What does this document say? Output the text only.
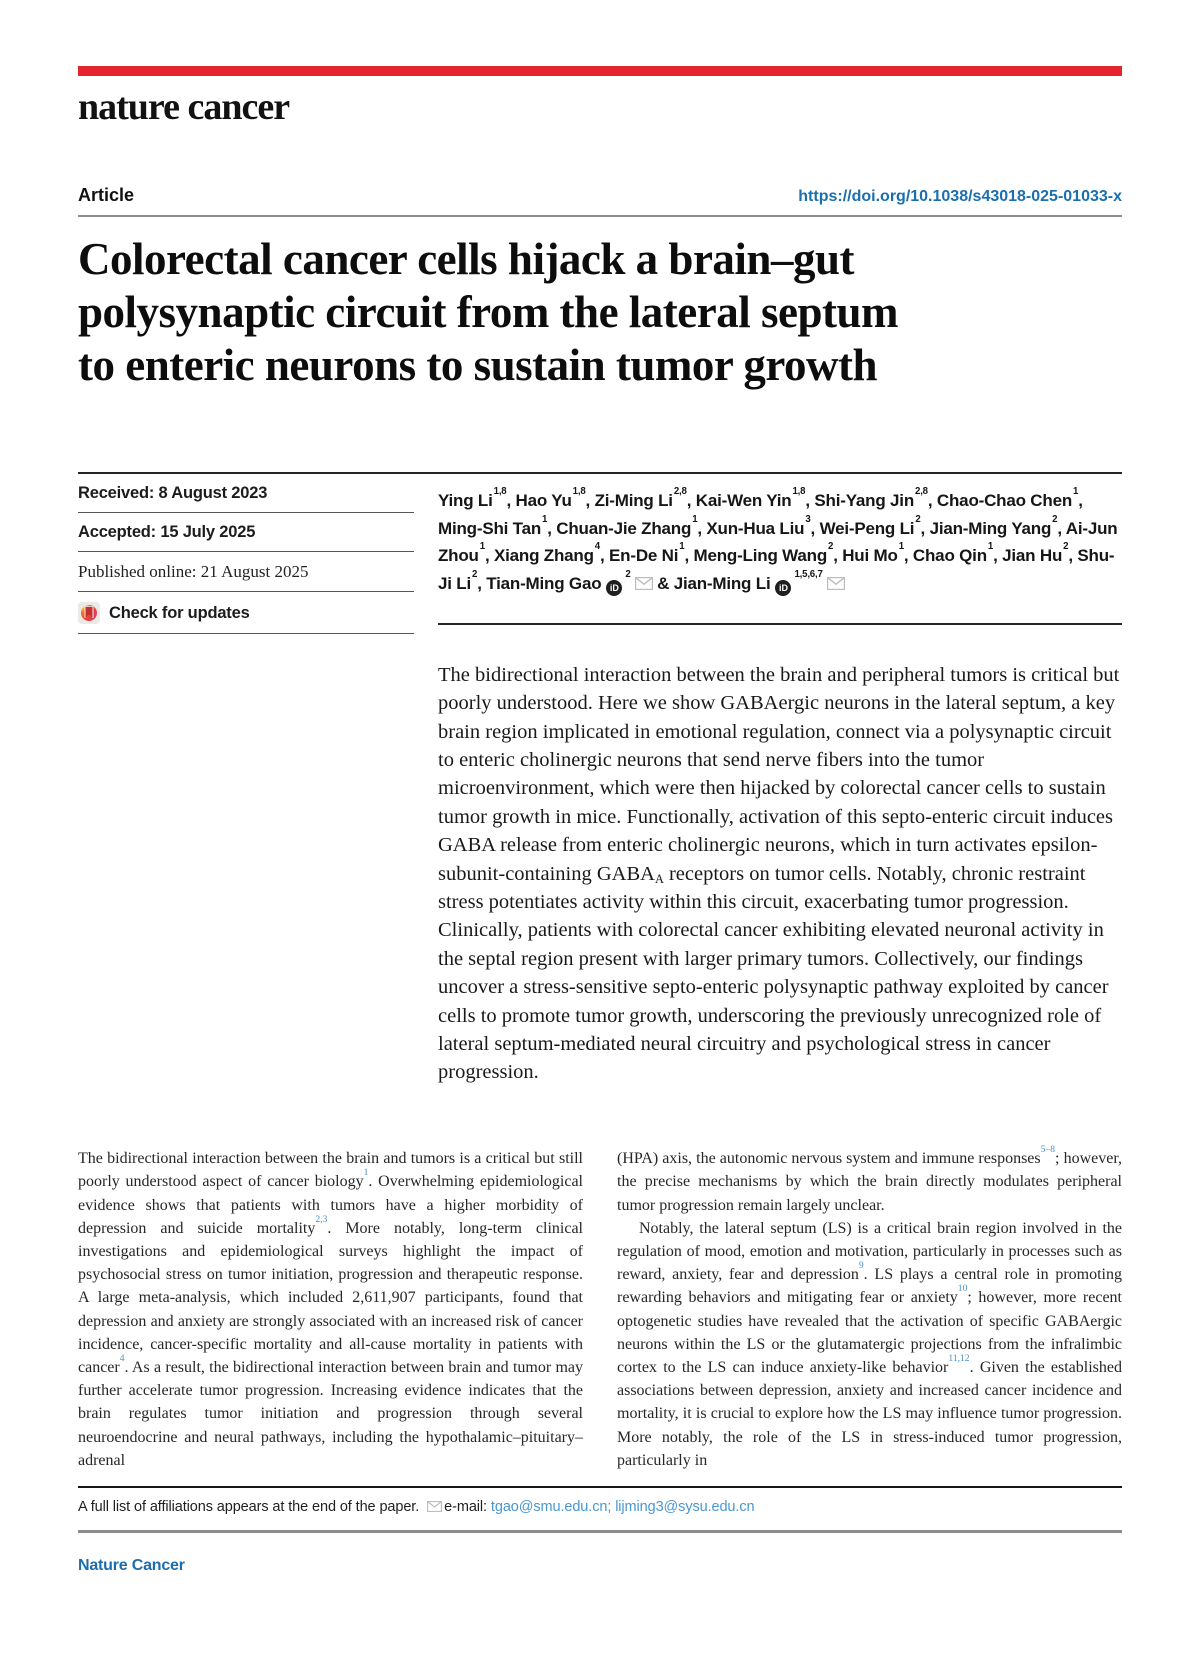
nature cancer
Article	https://doi.org/10.1038/s43018-025-01033-x
Colorectal cancer cells hijack a brain–gut
polysynaptic circuit from the lateral septum
to enteric neurons to sustain tumor growth
Received: 8 August 2023
Accepted: 15 July 2025
Published online: 21 August 2025
Check for updates

Ying Li$^{1,8}$, Hao Yu$^{1,8}$, Zi-Ming Li$^{2,8}$, Kai-Wen Yin$^{1,8}$, Shi-Yang Jin$^{2,8}$, Chao-Chao Chen$^1$, Ming-Shi Tan$^1$, Chuan-Jie Zhang$^1$, Xun-Hua Liu$^3$, Wei-Peng Li$^2$, Jian-Ming Yang$^2$, Ai-Jun Zhou$^1$, Xiang Zhang$^4$, En-De Ni$^1$, Meng-Ling Wang$^2$, Hui Mo$^1$, Chao Qin$^1$, Jian Hu$^2$, Shu-Ji Li$^2$, Tian-Ming Gao $iD^2$ & Jian-Ming Li iD$^{1,5,6,7}$

The bidirectional interaction between the brain and peripheral tumors is critical but poorly understood. Here we show GABAergic neurons in the lateral septum, a key brain region implicated in emotional regulation, connect via a polysynaptic circuit to enteric cholinergic neurons that send nerve fibers into the tumor microenvironment, which were then hijacked by colorectal cancer cells to sustain tumor growth in mice. Functionally, activation of this septo-enteric circuit induces GABA release from enteric cholinergic neurons, which in turn activates epsilon-subunit-containing GABAA receptors on tumor cells. Notably, chronic restraint stress potentiates activity within this circuit, exacerbating tumor progression. Clinically, patients with colorectal cancer exhibiting elevated neuronal activity in the septal region present with larger primary tumors. Collectively, our findings uncover a stress-sensitive septo-enteric polysynaptic pathway exploited by cancer cells to promote tumor growth, underscoring the previously unrecognized role of lateral septum-mediated neural circuitry and psychological stress in cancer progression.

The bidirectional interaction between the brain and tumors is a critical but still poorly understood aspect of cancer biology$^1$. Overwhelming epidemiological evidence shows that patients with tumors have a higher morbidity of depression and suicide mortality$^{2,3}$. More notably, long-term clinical investigations and epidemiological surveys highlight the impact of psychosocial stress on tumor initiation, progression and therapeutic response. A large meta-analysis, which included 2,611,907 participants, found that depression and anxiety are strongly associated with an increased risk of cancer incidence, cancer-specific mortality and all-cause mortality in patients with cancer$^4$. As a result, the bidirectional interaction between brain and tumor may further accelerate tumor progression. Increasing evidence indicates that the brain regulates tumor initiation and progression through several neuroendocrine and neural pathways, including the hypothalamic–pituitary–adrenal

(HPA) axis, the autonomic nervous system and immune responses$^{5-8}$; however, the precise mechanisms by which the brain directly modulates peripheral tumor progression remain largely unclear.

Notably, the lateral septum (LS) is a critical brain region involved in the regulation of mood, emotion and motivation, particularly in processes such as reward, anxiety, fear and depression$^9$. LS plays a central role in promoting rewarding behaviors and mitigating fear or anxiety$^{10}$; however, more recent optogenetic studies have revealed that the activation of specific GABAergic neurons within the LS or the glutamatergic projections from the infralimbic cortex to the LS can induce anxiety-like behavior$^{11,12}$. Given the established associations between depression, anxiety and increased cancer incidence and mortality, it is crucial to explore how the LS may influence tumor progression. More notably, the role of the LS in stress-induced tumor progression, particularly in

A full list of affiliations appears at the end of the paper. e-mail: tgao@smu.edu.cn; lijming3@sysu.edu.cn
Nature Cancer
